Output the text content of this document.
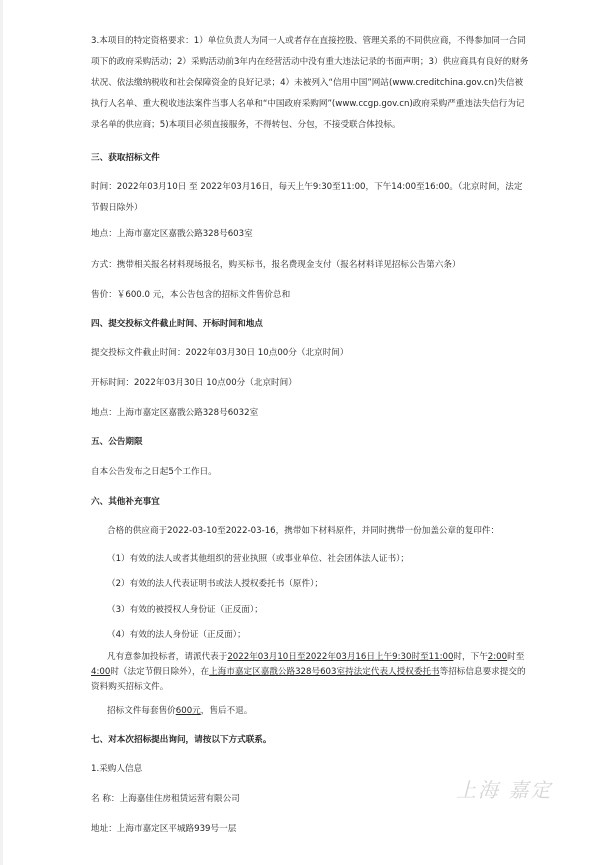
3.本项目的特定资格要求：1）单位负责人为同一人或者存在直接控股、管理关系的不同供应商，不得参加同一合同项下的政府采购活动；2）采购活动前3年内在经营活动中没有重大违法记录的书面声明；3）供应商具有良好的财务状况、依法缴纳税收和社会保障资金的良好记录；4）未被列入“信用中国”网站(www.creditchina.gov.cn)失信被执行人名单、重大税收违法案件当事人名单和“中国政府采购网”(www.ccgp.gov.cn)政府采购严重违法失信行为记录名单的供应商；5)本项目必须直接服务，不得转包、分包，不接受联合体投标。
三、获取招标文件
时间：2022年03月10日 至 2022年03月16日，每天上午9:30至11:00，下午14:00至16:00。（北京时间，法定节假日除外）
地点：上海市嘉定区嘉戬公路328号603室
方式：携带相关报名材料现场报名，购买标书，报名费现金支付（报名材料详见招标公告第六条）
售价：￥600.0 元，本公告包含的招标文件售价总和
四、提交投标文件截止时间、开标时间和地点
提交投标文件截止时间：2022年03月30日 10点00分（北京时间）
开标时间：2022年03月30日 10点00分（北京时间）
地点：上海市嘉定区嘉戬公路328号6032室
五、公告期限
自本公告发布之日起5个工作日。
六、其他补充事宜
合格的供应商于2022-03-10至2022-03-16，携带如下材料原件，并同时携带一份加盖公章的复印件：
（1）有效的法人或者其他组织的营业执照（或事业单位、社会团体法人证书）；
（2）有效的法人代表证明书或法人授权委托书（原件）；
（3）有效的被授权人身份证（正反面）；
（4）有效的法人身份证（正反面）；
凡有意参加投标者，请派代表于2022年03月10日至2022年03月16日上午9:30时至11:00时，下午2:00时至4:00时（法定节假日除外），在上海市嘉定区嘉戬公路328号603室持法定代表人授权委托书等招标信息要求提交的资料购买招标文件。
招标文件每套售价600元，售后不退。
七、对本次招标提出询问，请按以下方式联系。
1.采购人信息
名 称：上海嘉佳住房租赁运营有限公司
地址：上海市嘉定区平城路939号一层
上海 嘉定
